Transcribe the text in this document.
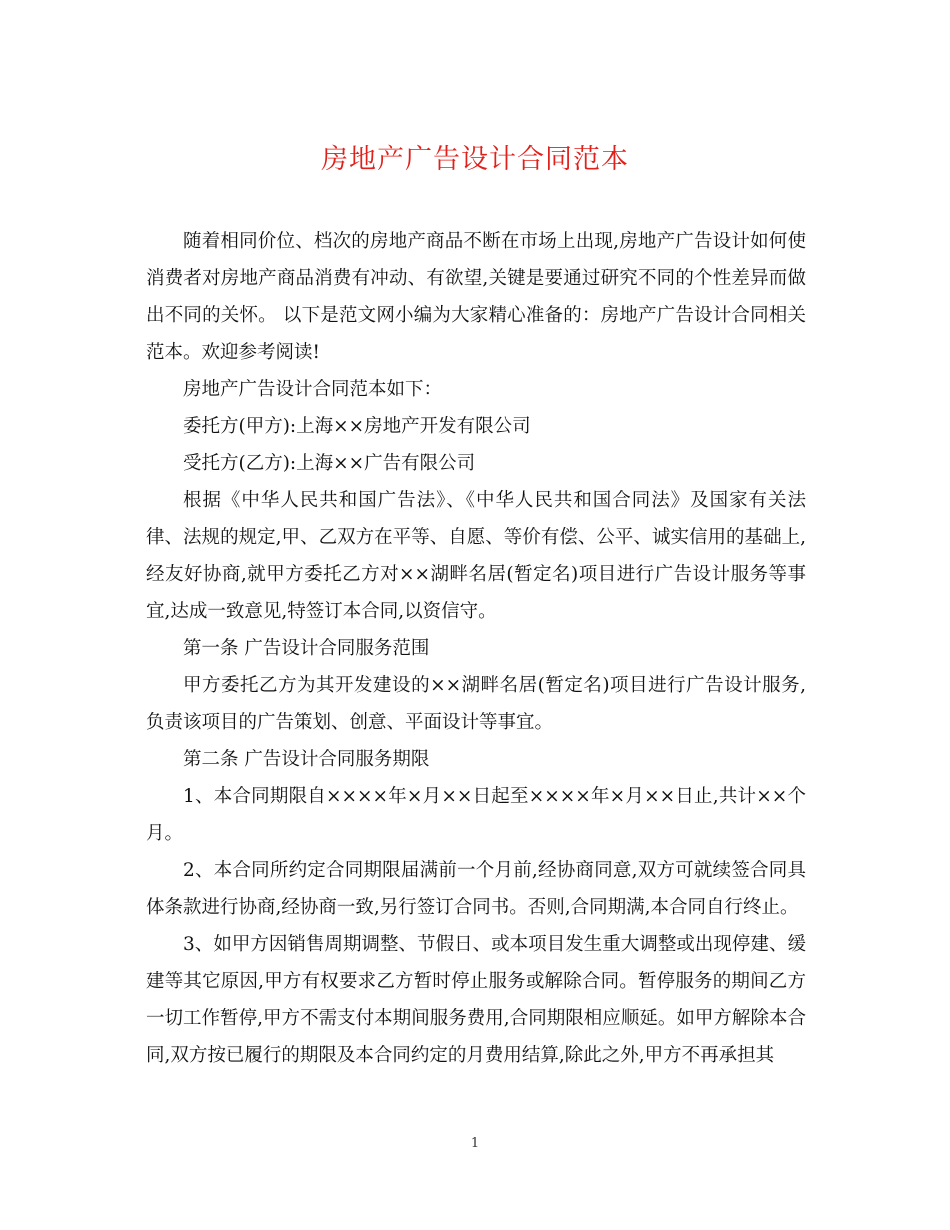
房地产广告设计合同范本

随着相同价位、档次的房地产商品不断在市场上出现,房地产广告设计如何使消费者对房地产商品消费有冲动、有欲望,关键是要通过研究不同的个性差异而做出不同的关怀。 以下是范文网小编为大家精心准备的：房地产广告设计合同相关范本。欢迎参考阅读!

房地产广告设计合同范本如下：

委托方(甲方):上海××房地产开发有限公司

受托方(乙方):上海××广告有限公司

根据《中华人民共和国广告法》、《中华人民共和国合同法》及国家有关法律、法规的规定,甲、乙双方在平等、自愿、等价有偿、公平、诚实信用的基础上,经友好协商,就甲方委托乙方对××湖畔名居(暂定名)项目进行广告设计服务等事宜,达成一致意见,特签订本合同,以资信守。

第一条 广告设计合同服务范围

甲方委托乙方为其开发建设的××湖畔名居(暂定名)项目进行广告设计服务,负责该项目的广告策划、创意、平面设计等事宜。

第二条 广告设计合同服务期限

1、本合同期限自××××年×月××日起至××××年×月××日止,共计××个月。

2、本合同所约定合同期限届满前一个月前,经协商同意,双方可就续签合同具体条款进行协商,经协商一致,另行签订合同书。否则,合同期满,本合同自行终止。

3、如甲方因销售周期调整、节假日、或本项目发生重大调整或出现停建、缓建等其它原因,甲方有权要求乙方暂时停止服务或解除合同。暂停服务的期间乙方一切工作暂停,甲方不需支付本期间服务费用,合同期限相应顺延。如甲方解除本合同,双方按已履行的期限及本合同约定的月费用结算,除此之外,甲方不再承担其

1
